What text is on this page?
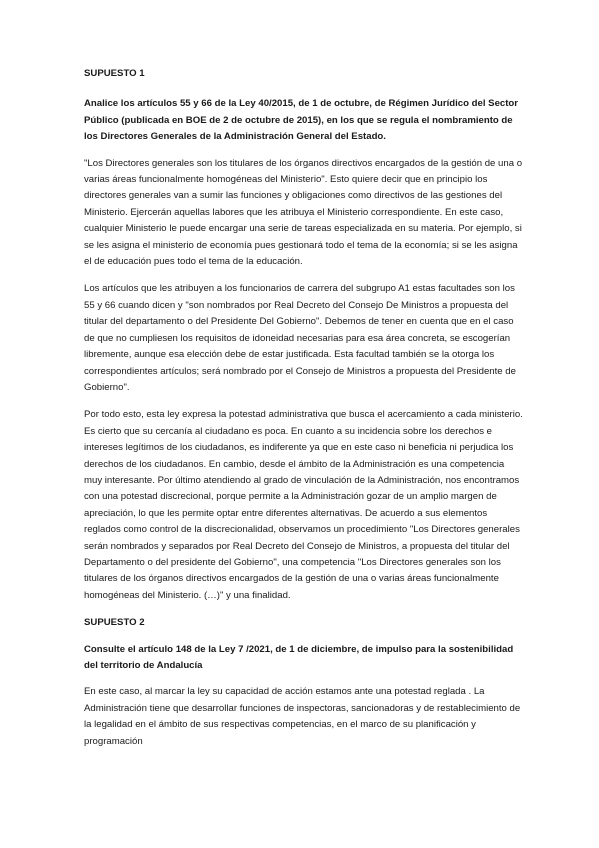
SUPUESTO 1

Analice los artículos 55 y 66 de la Ley 40/2015, de 1 de octubre, de Régimen Jurídico del Sector Público (publicada en BOE de 2 de octubre de 2015), en los que se regula el nombramiento de los Directores Generales de la Administración General del Estado.

"Los Directores generales son los titulares de los órganos directivos encargados de la gestión de una o varias áreas funcionalmente homogéneas del Ministerio". Esto quiere decir que en principio los directores generales van a sumir las funciones y obligaciones como directivos de las gestiones del Ministerio. Ejercerán aquellas labores que les atribuya el Ministerio correspondiente. En este caso, cualquier Ministerio le puede encargar una serie de tareas especializada en su materia. Por ejemplo, si se les asigna el ministerio de economía pues gestionará todo el tema de la economía; si se les asigna el de educación pues todo el tema de la educación.

Los artículos que les atribuyen a los funcionarios de carrera del subgrupo A1 estas facultades son los 55 y 66 cuando dicen y "son nombrados por Real Decreto del Consejo De Ministros a propuesta del titular del departamento o del Presidente Del Gobierno". Debemos de tener en cuenta que en el caso de que no cumpliesen los requisitos de idoneidad necesarias para esa área concreta, se escogerían libremente, aunque esa elección debe de estar justificada. Esta facultad también se la otorga los correspondientes artículos; será nombrado por el Consejo de Ministros a propuesta del Presidente de Gobierno".

Por todo esto, esta ley expresa la potestad administrativa que busca el acercamiento a cada ministerio. Es cierto que su cercanía al ciudadano es poca. En cuanto a su incidencia sobre los derechos e intereses legítimos de los ciudadanos, es indiferente ya que en este caso ni beneficia ni perjudica los derechos de los ciudadanos. En cambio, desde el ámbito de la Administración es una competencia muy interesante. Por último atendiendo al grado de vinculación de la Administración, nos encontramos con una potestad discrecional, porque permite a la Administración gozar de un amplio margen de apreciación, lo que les permite optar entre diferentes alternativas. De acuerdo a sus elementos reglados como control de la discrecionalidad, observamos un procedimiento "Los Directores generales serán nombrados y separados por Real Decreto del Consejo de Ministros, a propuesta del titular del Departamento o del presidente del Gobierno", una competencia "Los Directores generales son los titulares de los órganos directivos encargados de la gestión de una o varias áreas funcionalmente homogéneas del Ministerio. (…)" y una finalidad.

SUPUESTO 2

Consulte el artículo 148 de la Ley 7 /2021, de 1 de diciembre, de impulso para la sostenibilidad del territorio de Andalucía

En este caso, al marcar la ley su capacidad de acción estamos ante una potestad reglada . La Administración tiene que desarrollar funciones de inspectoras, sancionadoras y de restablecimiento de la legalidad en el ámbito de sus respectivas competencias, en el marco de su planificación y programación
